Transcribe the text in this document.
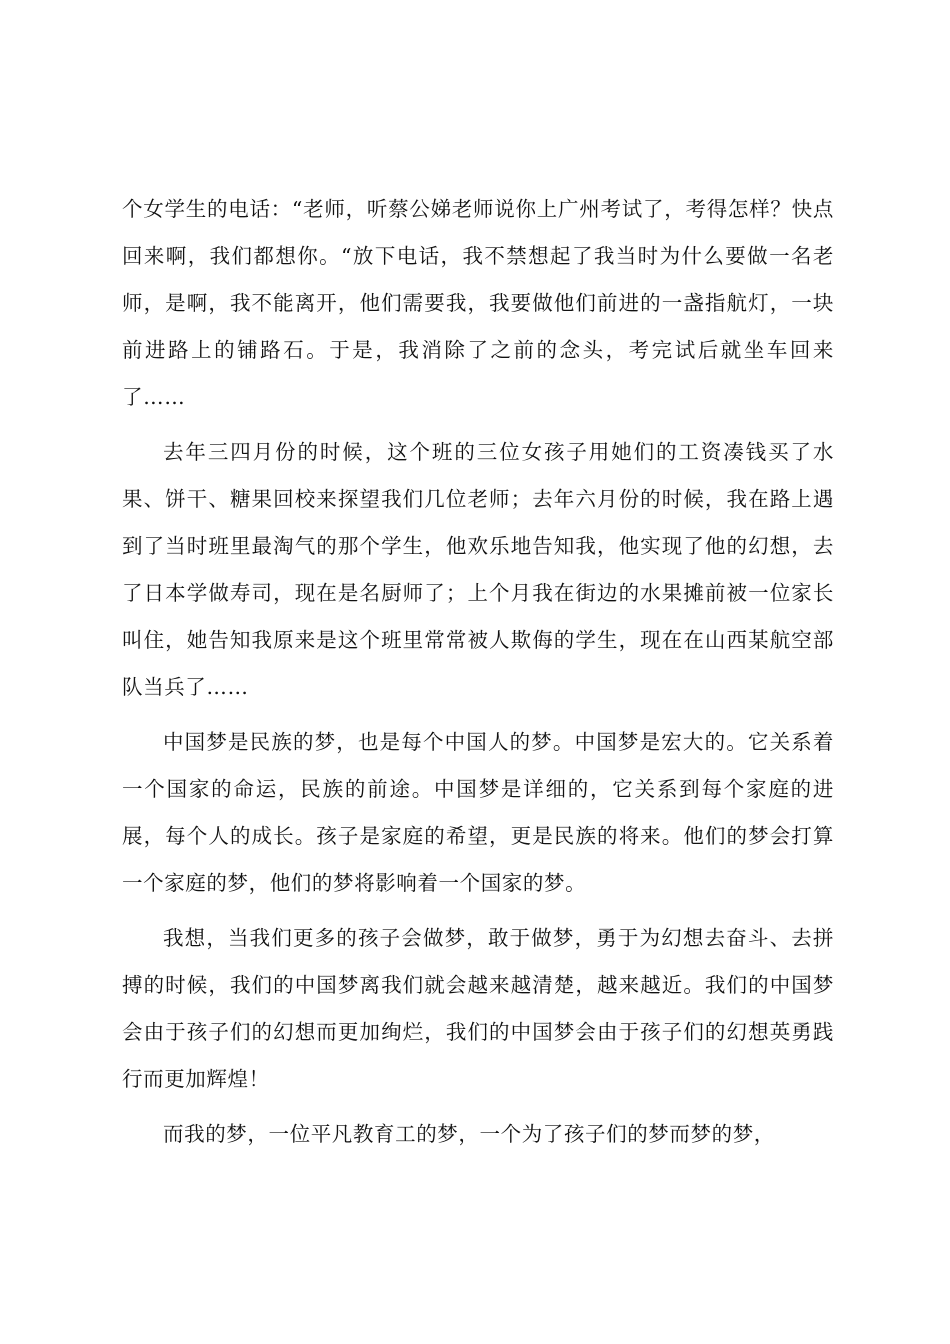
个女学生的电话：“老师，听蔡公娣老师说你上广州考试了，考得怎样？快点回来啊，我们都想你。“放下电话，我不禁想起了我当时为什么要做一名老师，是啊，我不能离开，他们需要我，我要做他们前进的一盏指航灯，一块前进路上的铺路石。于是，我消除了之前的念头，考完试后就坐车回来了……

去年三四月份的时候，这个班的三位女孩子用她们的工资凑钱买了水果、饼干、糖果回校来探望我们几位老师；去年六月份的时候，我在路上遇到了当时班里最淘气的那个学生，他欢乐地告知我，他实现了他的幻想，去了日本学做寿司，现在是名厨师了；上个月我在街边的水果摊前被一位家长叫住，她告知我原来是这个班里常常被人欺侮的学生，现在在山西某航空部队当兵了……

中国梦是民族的梦，也是每个中国人的梦。中国梦是宏大的。它关系着一个国家的命运，民族的前途。中国梦是详细的，它关系到每个家庭的进展，每个人的成长。孩子是家庭的希望，更是民族的将来。他们的梦会打算一个家庭的梦，他们的梦将影响着一个国家的梦。

我想，当我们更多的孩子会做梦，敢于做梦，勇于为幻想去奋斗、去拼搏的时候，我们的中国梦离我们就会越来越清楚，越来越近。我们的中国梦会由于孩子们的幻想而更加绚烂，我们的中国梦会由于孩子们的幻想英勇践行而更加辉煌！

而我的梦，一位平凡教育工的梦，一个为了孩子们的梦而梦的梦，
